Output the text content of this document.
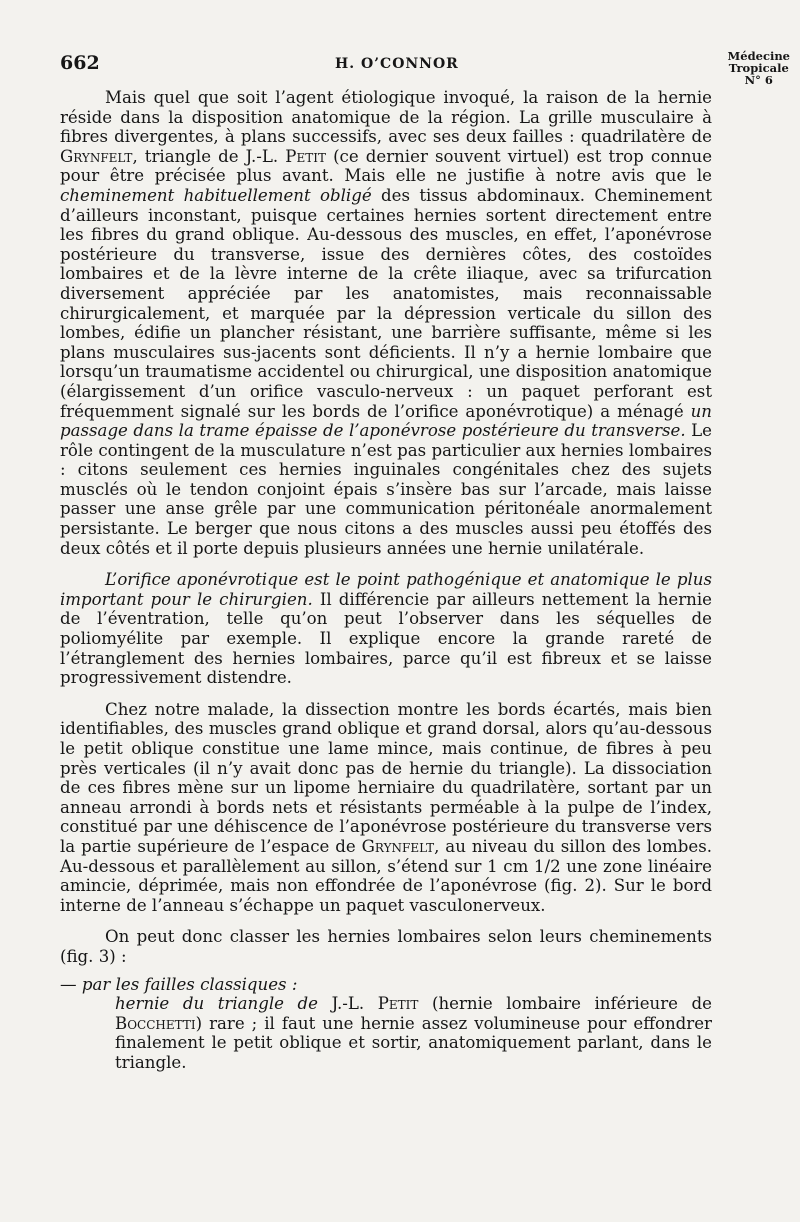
662	H. O’CONNOR	Médecine
Tropicale
N° 6

Mais quel que soit l’agent étiologique invoqué, la raison de la hernie réside dans la disposition anatomique de la région. La grille musculaire à fibres divergentes, à plans successifs, avec ses deux failles : quadrilatère de Grynfelt, triangle de J.-L. Petit (ce dernier souvent virtuel) est trop connue pour être précisée plus avant. Mais elle ne justifie à notre avis que le cheminement habituellement obligé des tissus abdominaux. Cheminement d’ailleurs inconstant, puisque certaines hernies sortent directement entre les fibres du grand oblique. Au-dessous des muscles, en effet, l’aponévrose postérieure du transverse, issue des dernières côtes, des costoïdes lombaires et de la lèvre interne de la crête iliaque, avec sa trifurcation diversement appréciée par les anatomistes, mais reconnaissable chirurgicalement, et marquée par la dépression verticale du sillon des lombes, édifie un plancher résistant, une barrière suffisante, même si les plans musculaires sus-jacents sont déficients. Il n’y a hernie lombaire que lorsqu’un traumatisme accidentel ou chirurgical, une disposition anatomique (élargissement d’un orifice vasculo-nerveux : un paquet perforant est fréquemment signalé sur les bords de l’orifice aponévrotique) a ménagé un passage dans la trame épaisse de l’aponévrose postérieure du transverse. Le rôle contingent de la musculature n’est pas particulier aux hernies lombaires : citons seulement ces hernies inguinales congénitales chez des sujets musclés où le tendon conjoint épais s’insère bas sur l’arcade, mais laisse passer une anse grêle par une communication péritonéale anormalement persistante. Le berger que nous citons a des muscles aussi peu étoffés des deux côtés et il porte depuis plusieurs années une hernie unilatérale.

L’orifice aponévrotique est le point pathogénique et anatomique le plus important pour le chirurgien. Il différencie par ailleurs nettement la hernie de l’éventration, telle qu’on peut l’observer dans les séquelles de poliomyélite par exemple. Il explique encore la grande rareté de l’étranglement des hernies lombaires, parce qu’il est fibreux et se laisse progressivement distendre.

Chez notre malade, la dissection montre les bords écartés, mais bien identifiables, des muscles grand oblique et grand dorsal, alors qu’au-dessous le petit oblique constitue une lame mince, mais continue, de fibres à peu près verticales (il n’y avait donc pas de hernie du triangle). La dissociation de ces fibres mène sur un lipome herniaire du quadrilatère, sortant par un anneau arrondi à bords nets et résistants perméable à la pulpe de l’index, constitué par une déhiscence de l’aponévrose postérieure du transverse vers la partie supérieure de l’espace de Grynfelt, au niveau du sillon des lombes. Au-dessous et parallèlement au sillon, s’étend sur 1 cm 1/2 une zone linéaire amincie, déprimée, mais non effondrée de l’aponévrose (fig. 2). Sur le bord interne de l’anneau s’échappe un paquet vasculonerveux.

On peut donc classer les hernies lombaires selon leurs cheminements (fig. 3) :

— par les failles classiques :

hernie du triangle de J.-L. Petit (hernie lombaire inférieure de Bocchetti) rare ; il faut une hernie assez volumineuse pour effondrer finalement le petit oblique et sortir, anatomiquement parlant, dans le triangle.
